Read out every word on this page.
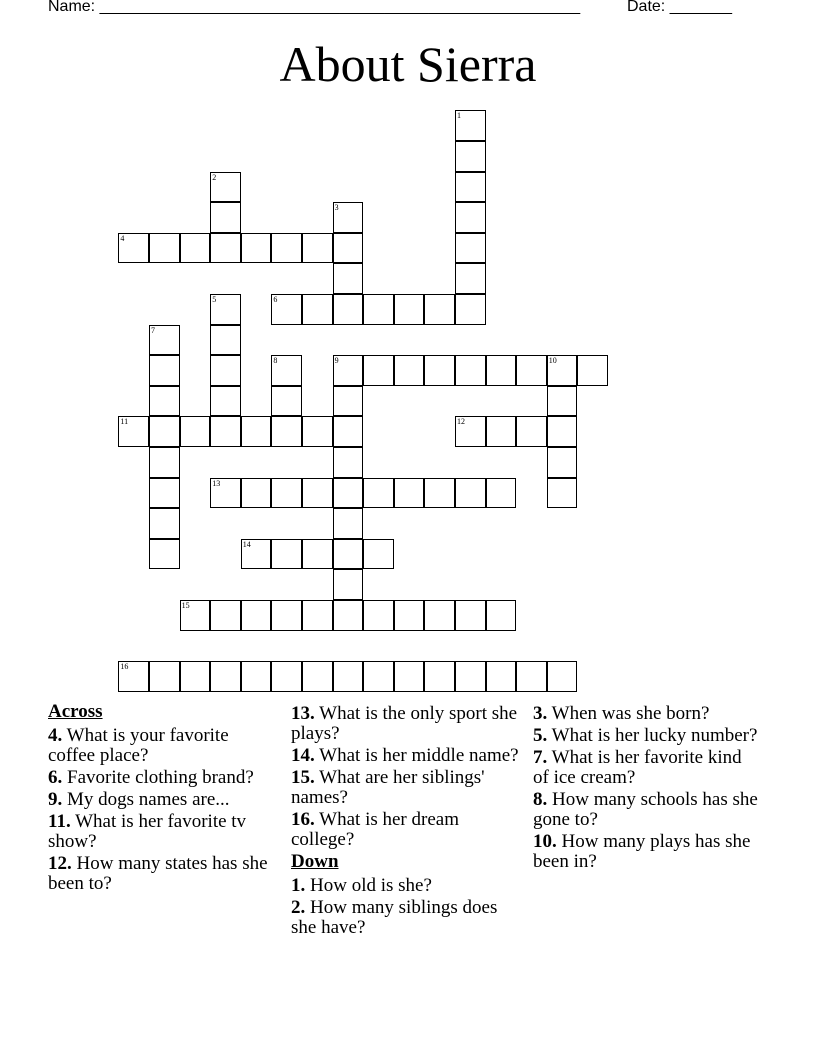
Name: ______________________________________________________	Date: _______
About Sierra
1
2
3
4
5	6
7
8	9	10
11	12
13
14
15
16
Across
4. What is your favorite coffee place?
6. Favorite clothing brand?
9. My dogs names are...
11. What is her favorite tv show?
12. How many states has she been to?
13. What is the only sport she plays?
14. What is her middle name?
15. What are her siblings' names?
16. What is her dream college?
Down
1. How old is she?
2. How many siblings does she have?
3. When was she born?
5. What is her lucky number?
7. What is her favorite kind of ice cream?
8. How many schools has she gone to?
10. How many plays has she been in?
